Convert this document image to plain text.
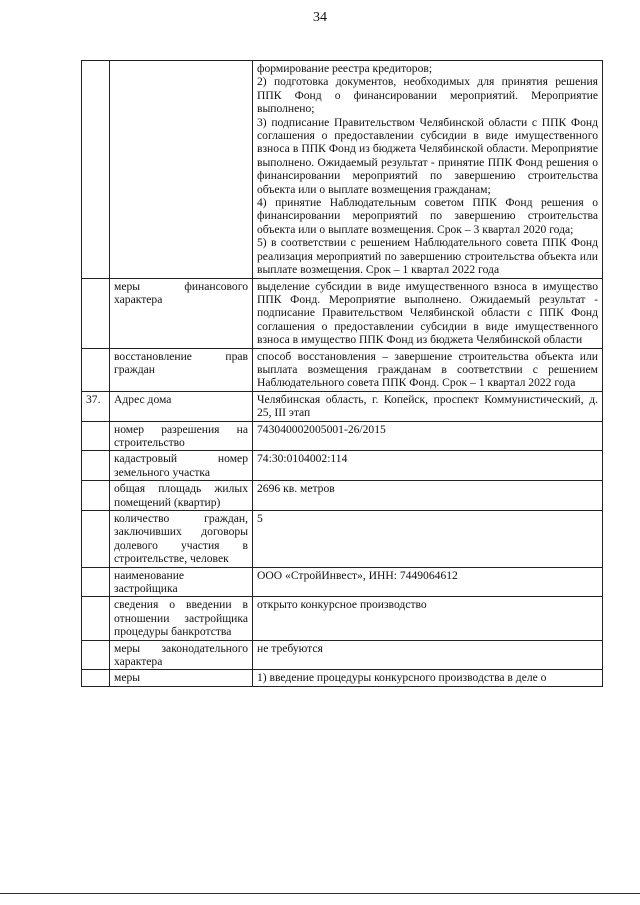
34

		формирование реестра кредиторов;
2) подготовка документов, необходимых для принятия решения ППК Фонд о финансировании мероприятий. Мероприятие выполнено;
3) подписание Правительством Челябинской области с ППК Фонд соглашения о предоставлении субсидии в виде имущественного взноса в ППК Фонд из бюджета Челябинской области. Мероприятие выполнено. Ожидаемый результат - принятие ППК Фонд решения о финансировании мероприятий по завершению строительства объекта или о выплате возмещения гражданам;
4) принятие Наблюдательным советом ППК Фонд решения о финансировании мероприятий по завершению строительства объекта или о выплате возмещения. Срок – 3 квартал 2020 года;
5) в соответствии с решением Наблюдательного совета ППК Фонд реализация мероприятий по завершению строительства объекта или выплате возмещения. Срок – 1 квартал 2022 года

	меры финансового характера	выделение субсидии в виде имущественного взноса в имущество ППК Фонд. Мероприятие выполнено. Ожидаемый результат - подписание Правительством Челябинской области с ППК Фонд соглашения о предоставлении субсидии в виде имущественного взноса в имущество ППК Фонд из бюджета Челябинской области
	восстановление прав граждан	способ восстановления – завершение строительства объекта или выплата возмещения гражданам в соответствии с решением Наблюдательного совета ППК Фонд. Срок – 1 квартал 2022 года
37.	Адрес дома	Челябинская область, г. Копейск, проспект Коммунистический, д. 25, III этап
	номер разрешения на строительство	743040002005001-26/2015
	кадастровый номер земельного участка	74:30:0104002:114
	общая площадь жилых помещений (квартир)	2696 кв. метров
	количество граждан, заключивших договоры долевого участия в строительстве, человек	5
	наименование застройщика	ООО «СтройИнвест», ИНН: 7449064612
	сведения о введении в отношении застройщика процедуры банкротства	открыто конкурсное производство
	меры законодательного характера	не требуются
	меры	1) введение процедуры конкурсного производства в деле о
